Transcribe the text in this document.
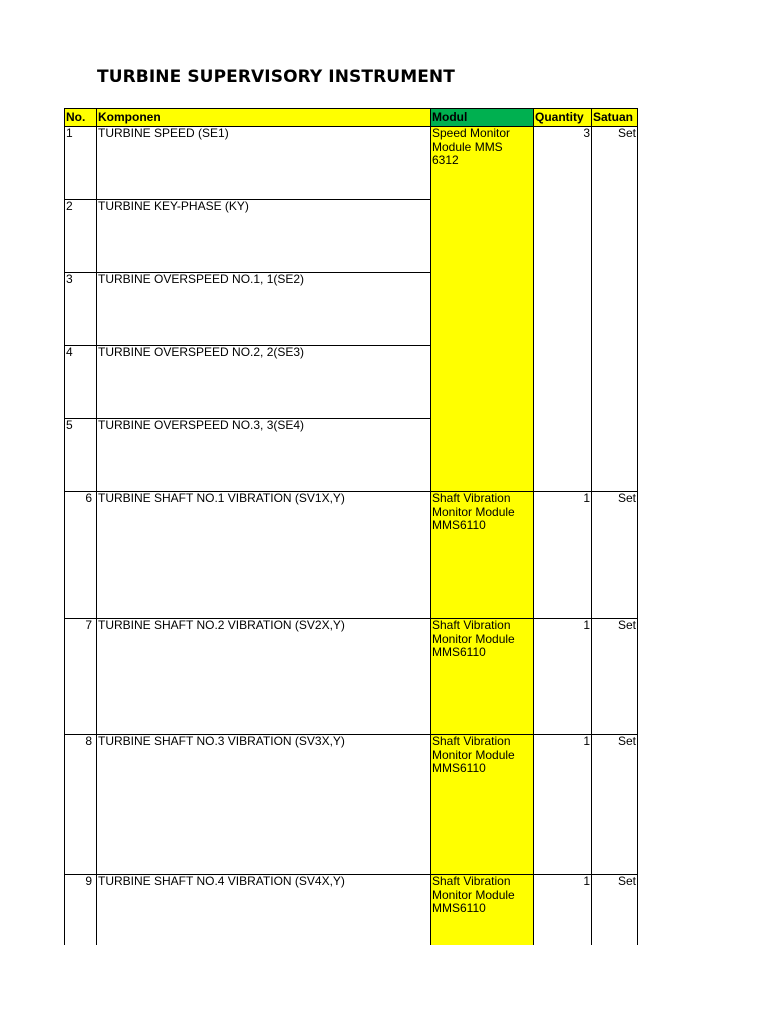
TURBINE SUPERVISORY INSTRUMENT
No.	Komponen	Modul	Quantity	Satuan
1	TURBINE SPEED (SE1)	Speed Monitor Module MMS 6312	3	Set
2	TURBINE KEY-PHASE (KY)			
3	TURBINE OVERSPEED NO.1, 1(SE2)			
4	TURBINE OVERSPEED NO.2, 2(SE3)			
5	TURBINE OVERSPEED NO.3, 3(SE4)			
6	TURBINE SHAFT NO.1 VIBRATION (SV1X,Y)	Shaft Vibration Monitor Module MMS6110	1	Set
7	TURBINE SHAFT NO.2 VIBRATION (SV2X,Y)	Shaft Vibration Monitor Module MMS6110	1	Set
8	TURBINE SHAFT NO.3 VIBRATION (SV3X,Y)	Shaft Vibration Monitor Module MMS6110	1	Set
9	TURBINE SHAFT NO.4 VIBRATION (SV4X,Y)	Shaft Vibration Monitor Module MMS6110	1	Set
